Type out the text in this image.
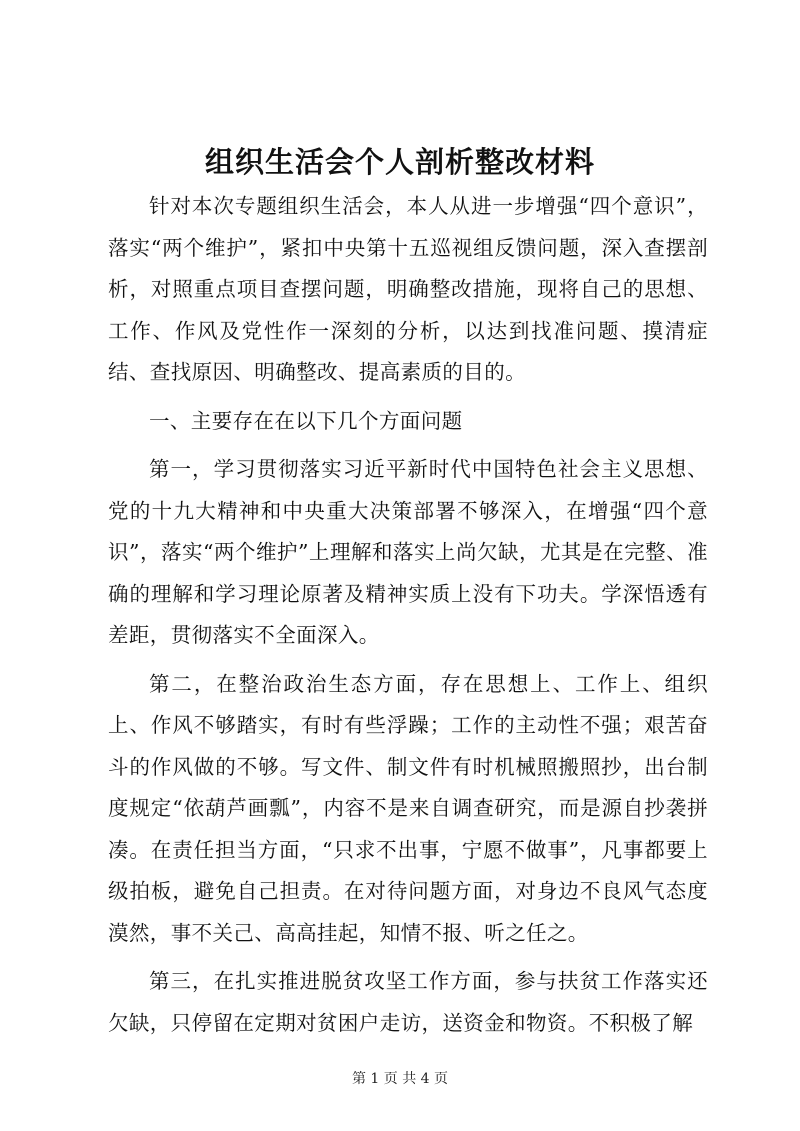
组织生活会个人剖析整改材料

针对本次专题组织生活会，本人从进一步增强“四个意识”，落实“两个维护”，紧扣中央第十五巡视组反馈问题，深入查摆剖析，对照重点项目查摆问题，明确整改措施，现将自己的思想、工作、作风及党性作一深刻的分析，以达到找准问题、摸清症结、查找原因、明确整改、提高素质的目的。

一、主要存在在以下几个方面问题

第一，学习贯彻落实习近平新时代中国特色社会主义思想、党的十九大精神和中央重大决策部署不够深入，在增强“四个意识”，落实“两个维护”上理解和落实上尚欠缺，尤其是在完整、准确的理解和学习理论原著及精神实质上没有下功夫。学深悟透有差距，贯彻落实不全面深入。

第二，在整治政治生态方面，存在思想上、工作上、组织上、作风不够踏实，有时有些浮躁；工作的主动性不强；艰苦奋斗的作风做的不够。写文件、制文件有时机械照搬照抄，出台制度规定“依葫芦画瓢”，内容不是来自调查研究，而是源自抄袭拼凑。在责任担当方面，“只求不出事，宁愿不做事”，凡事都要上级拍板，避免自己担责。在对待问题方面，对身边不良风气态度漠然，事不关己、高高挂起，知情不报、听之任之。

第三，在扎实推进脱贫攻坚工作方面，参与扶贫工作落实还欠缺，只停留在定期对贫困户走访，送资金和物资。不积极了解

第 1 页 共 4 页
